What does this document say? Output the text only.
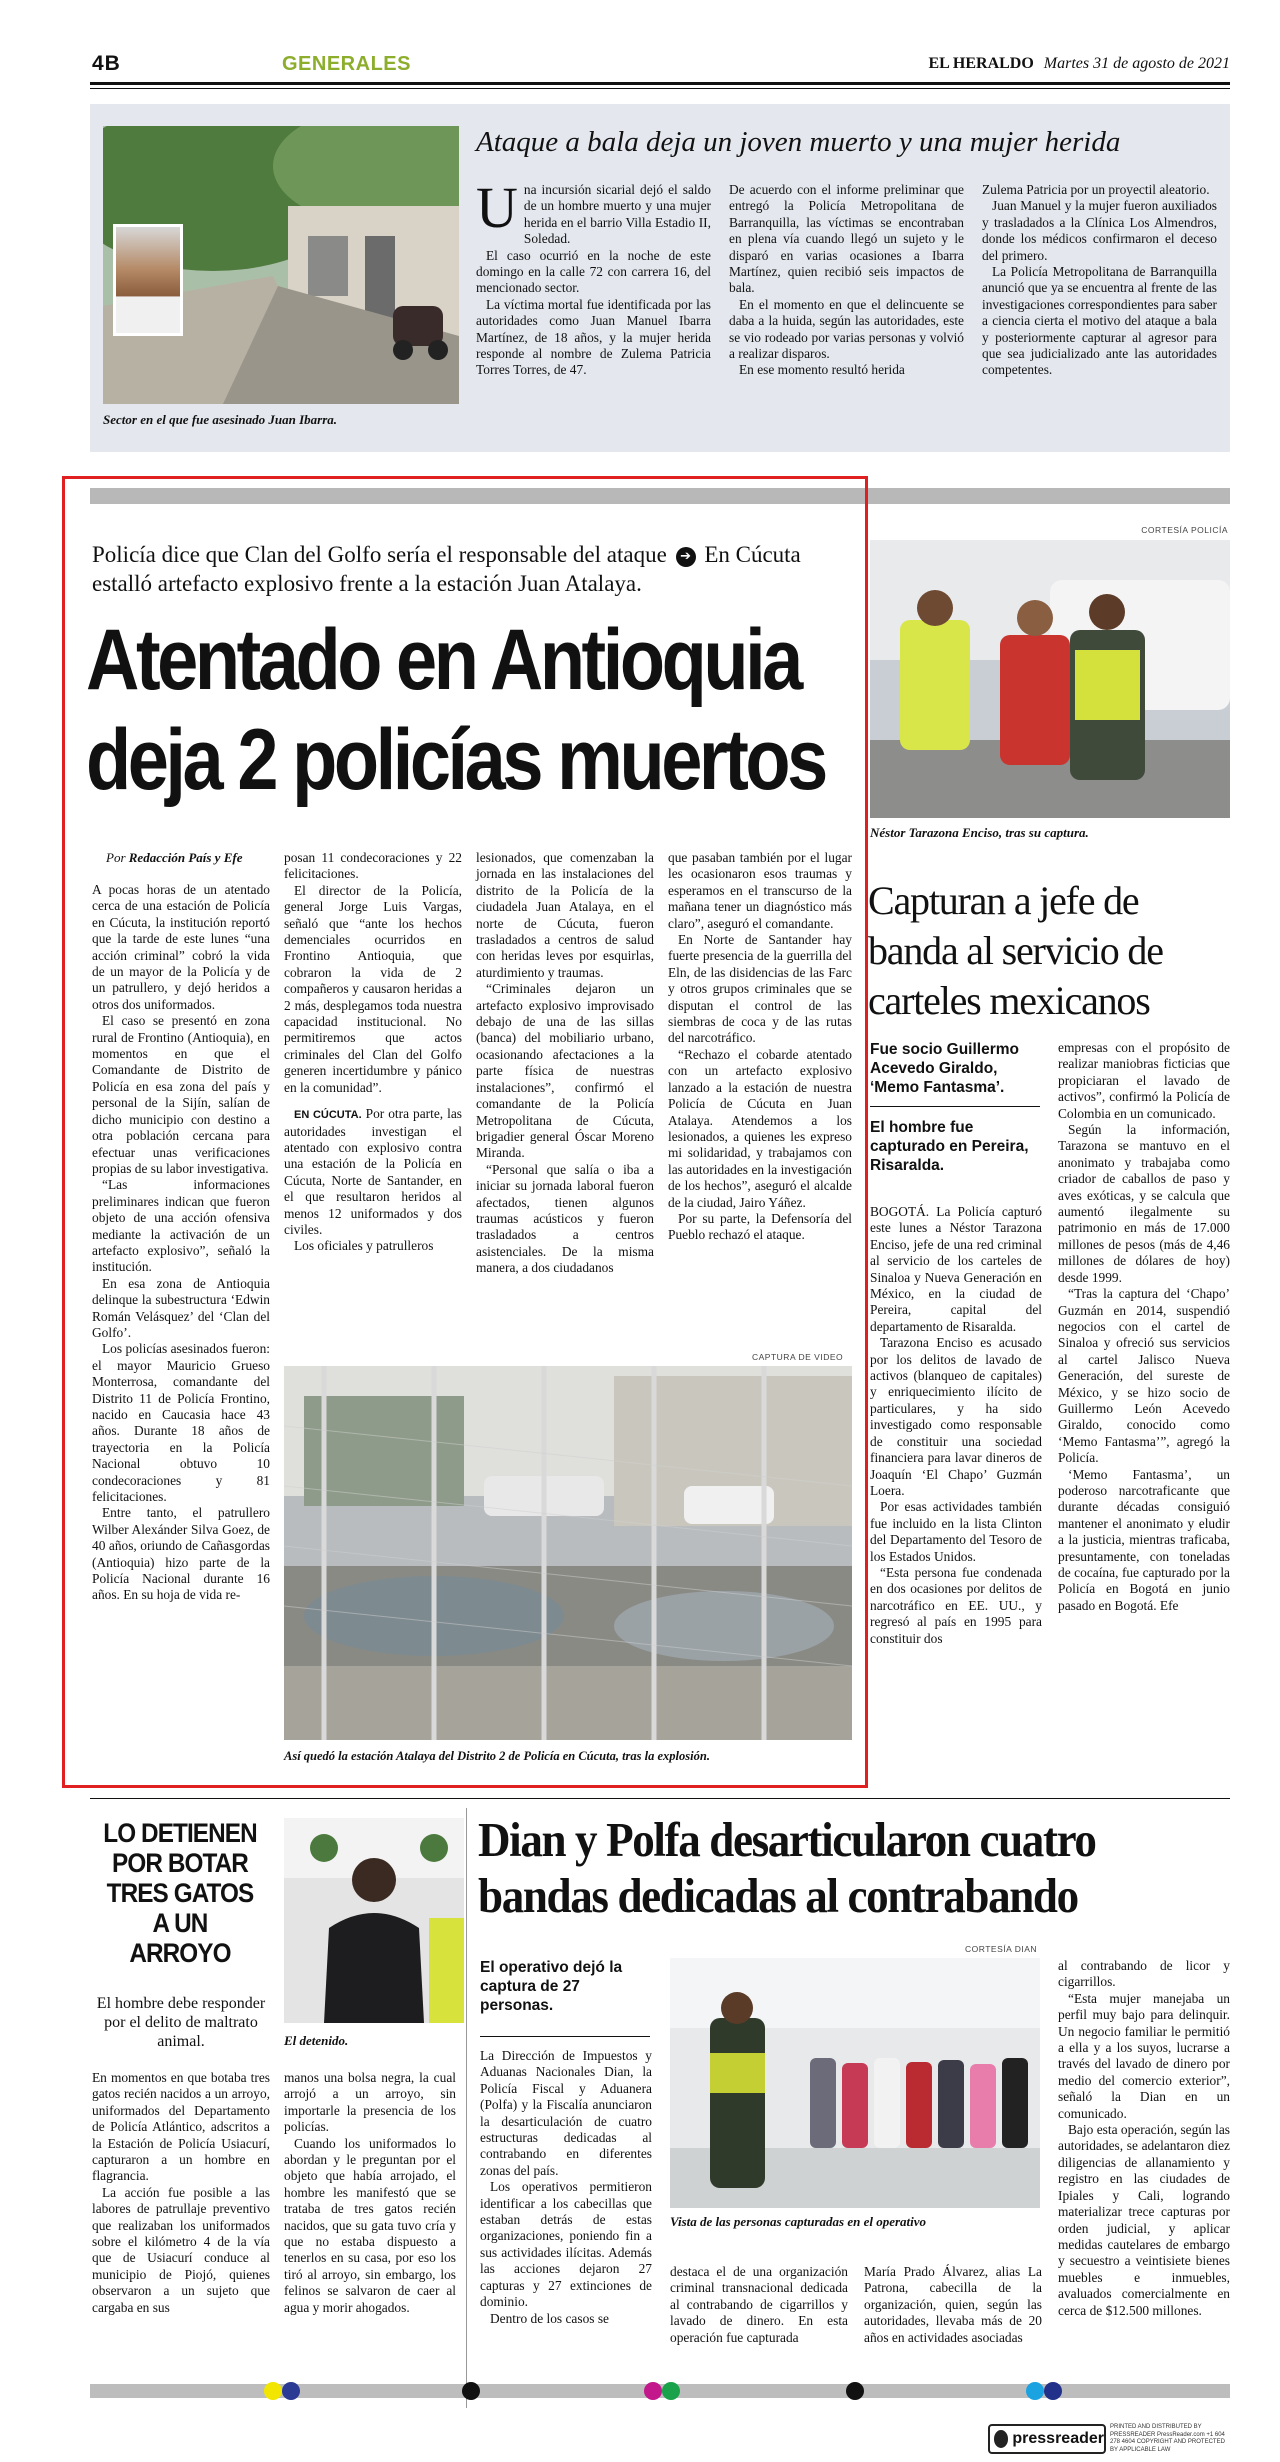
4B	GENERALES	EL HERALDO Martes 31 de agosto de 2021
Sector en el que fue asesinado Juan Ibarra.
Ataque a bala deja un joven muerto y una mujer herida
U na incursión sicarial dejó el saldo de un hombre muerto y una mujer herida en el barrio Villa Estadio II, Soledad.

El caso ocurrió en la noche de este domingo en la calle 72 con carrera 16, del mencionado sector.

La víctima mortal fue identificada por las autoridades como Juan Manuel Ibarra Martínez, de 18 años, y la mujer herida responde al nombre de Zulema Patricia Torres Torres, de 47.

De acuerdo con el informe preliminar que entregó la Policía Metropolitana de Barranquilla, las víctimas se encontraban en plena vía cuando llegó un sujeto y le disparó en varias ocasiones a Ibarra Martínez, quien recibió seis impactos de bala.

En el momento en que el delincuente se daba a la huida, según las autoridades, este se vio rodeado por varias personas y volvió a realizar disparos.

En ese momento resultó herida

Zulema Patricia por un proyectil aleatorio.

Juan Manuel y la mujer fueron auxiliados y trasladados a la Clínica Los Almendros, donde los médicos confirmaron el deceso del primero.

La Policía Metropolitana de Barranquilla anunció que ya se encuentra al frente de las investigaciones correspondientes para saber a ciencia cierta el motivo del ataque a bala y posteriormente capturar al agresor para que sea judicializado ante las autoridades competentes.

Policía dice que Clan del Golfo sería el responsable del ataque ➔ En Cúcuta estalló artefacto explosivo frente a la estación Juan Atalaya.
Atentado en Antioquia
deja 2 policías muertos
Por Redacción País y Efe

A pocas horas de un atentado cerca de una estación de Policía en Cúcuta, la institución reportó que la tarde de este lunes “una acción criminal” cobró la vida de un mayor de la Policía y de un patrullero, y dejó heridos a otros dos uniformados.

El caso se presentó en zona rural de Frontino (Antioquia), en momentos en que el Comandante de Distrito de Policía en esa zona del país y personal de la Sijín, salían de dicho municipio con destino a otra población cercana para efectuar unas verificaciones propias de su labor investigativa.

“Las informaciones preliminares indican que fueron objeto de una acción ofensiva mediante la activación de un artefacto explosivo”, señaló la institución.

En esa zona de Antioquia delinque la subestructura ‘Edwin Román Velásquez’ del ‘Clan del Golfo’.

Los policías asesinados fueron: el mayor Mauricio Grueso Monterrosa, comandante del Distrito 11 de Policía Frontino, nacido en Caucasia hace 43 años. Durante 18 años de trayectoria en la Policía Nacional obtuvo 10 condecoraciones y 81 felicitaciones.

Entre tanto, el patrullero Wilber Alexánder Silva Goez, de 40 años, oriundo de Cañasgordas (Antioquia) hizo parte de la Policía Nacional durante 16 años. En su hoja de vida re-

posan 11 condecoraciones y 22 felicitaciones.

El director de la Policía, general Jorge Luis Vargas, señaló que “ante los hechos demenciales ocurridos en Frontino Antioquia, que cobraron la vida de 2 compañeros y causaron heridas a 2 más, desplegamos toda nuestra capacidad institucional. No permitiremos que actos criminales del Clan del Golfo generen incertidumbre y pánico en la comunidad”.

EN CÚCUTA. Por otra parte, las autoridades investigan el atentado con explosivo contra una estación de la Policía en Cúcuta, Norte de Santander, en el que resultaron heridos al menos 12 uniformados y dos civiles.

Los oficiales y patrulleros

lesionados, que comenzaban la jornada en las instalaciones del distrito de la Policía de la ciudadela Juan Atalaya, en el norte de Cúcuta, fueron trasladados a centros de salud con heridas leves por esquirlas, aturdimiento y traumas.

“Criminales dejaron un artefacto explosivo improvisado debajo de una de las sillas (banca) del mobiliario urbano, ocasionando afectaciones a la parte física de nuestras instalaciones”, confirmó el comandante de la Policía Metropolitana de Cúcuta, brigadier general Óscar Moreno Miranda.

“Personal que salía o iba a iniciar su jornada laboral fueron afectados, tienen algunos traumas acústicos y fueron trasladados a centros asistenciales. De la misma manera, a dos ciudadanos

que pasaban también por el lugar les ocasionaron esos traumas y esperamos en el transcurso de la mañana tener un diagnóstico más claro”, aseguró el comandante.

En Norte de Santander hay fuerte presencia de la guerrilla del Eln, de las disidencias de las Farc y otros grupos criminales que se disputan el control de las siembras de coca y de las rutas del narcotráfico.

“Rechazo el cobarde atentado con un artefacto explosivo lanzado a la estación de nuestra Policía de Cúcuta en Juan Atalaya. Atendemos a los lesionados, a quienes les expreso mi solidaridad, y trabajamos con las autoridades en la investigación de los hechos”, aseguró el alcalde de la ciudad, Jairo Yáñez.

Por su parte, la Defensoría del Pueblo rechazó el ataque.

CAPTURA DE VIDEO
Así quedó la estación Atalaya del Distrito 2 de Policía en Cúcuta, tras la explosión.
CORTESÍA POLICÍA
Néstor Tarazona Enciso, tras su captura.
Capturan a jefe de banda al servicio de carteles mexicanos
Fue socio Guillermo Acevedo Giraldo, ‘Memo Fantasma’.
El hombre fue capturado en Pereira, Risaralda.

BOGOTÁ. La Policía capturó este lunes a Néstor Tarazona Enciso, jefe de una red criminal al servicio de los carteles de Sinaloa y Nueva Generación en México, en la ciudad de Pereira, capital del departamento de Risaralda.

Tarazona Enciso es acusado por los delitos de lavado de activos (blanqueo de capitales) y enriquecimiento ilícito de particulares, y ha sido investigado como responsable de constituir una sociedad financiera para lavar dineros de Joaquín ‘El Chapo’ Guzmán Loera.

Por esas actividades también fue incluido en la lista Clinton del Departamento del Tesoro de los Estados Unidos.

“Esta persona fue condenada en dos ocasiones por delitos de narcotráfico en EE. UU., y regresó al país en 1995 para constituir dos

empresas con el propósito de realizar maniobras ficticias que propiciaran el lavado de activos”, confirmó la Policía de Colombia en un comunicado.

Según la información, Tarazona se mantuvo en el anonimato y trabajaba como criador de caballos de paso y aves exóticas, y se calcula que aumentó ilegalmente su patrimonio en más de 17.000 millones de pesos (más de 4,46 millones de dólares de hoy) desde 1999.

“Tras la captura del ‘Chapo’ Guzmán en 2014, suspendió negocios con el cartel de Sinaloa y ofreció sus servicios al cartel Jalisco Nueva Generación, del sureste de México, y se hizo socio de Guillermo León Acevedo Giraldo, conocido como ‘Memo Fantasma’”, agregó la Policía.

‘Memo Fantasma’, un poderoso narcotraficante que durante décadas consiguió mantener el anonimato y eludir a la justicia, mientras traficaba, presuntamente, con toneladas de cocaína, fue capturado por la Policía en Bogotá en junio pasado en Bogotá. Efe

LO DETIENEN POR BOTAR TRES GATOS A UN ARROYO
El hombre debe responder por el delito de maltrato animal.	El detenido.

En momentos en que botaba tres gatos recién nacidos a un arroyo, uniformados del Departamento de Policía Atlántico, adscritos a la Estación de Policía Usiacurí, capturaron a un hombre en flagrancia.

La acción fue posible a las labores de patrullaje preventivo que realizaban los uniformados sobre el kilómetro 4 de la vía que de Usiacurí conduce al municipio de Piojó, quienes observaron a un sujeto que cargaba en sus

manos una bolsa negra, la cual arrojó a un arroyo, sin importarle la presencia de los policías.

Cuando los uniformados lo abordan y le preguntan por el objeto que había arrojado, el hombre les manifestó que se trataba de tres gatos recién nacidos, que su gata tuvo cría y que no estaba dispuesto a tenerlos en su casa, por eso los tiró al arroyo, sin embargo, los felinos se salvaron de caer al agua y morir ahogados.

Dian y Polfa desarticularon cuatro bandas dedicadas al contrabando
El operativo dejó la captura de 27 personas.

La Dirección de Impuestos y Aduanas Nacionales Dian, la Policía Fiscal y Aduanera (Polfa) y la Fiscalía anunciaron la desarticulación de cuatro estructuras dedicadas al contrabando en diferentes zonas del país.

Los operativos permitieron identificar a los cabecillas que estaban detrás de estas organizaciones, poniendo fin a sus actividades ilícitas. Además las acciones dejaron 27 capturas y 27 extinciones de dominio.

Dentro de los casos se

CORTESÍA DIAN
Vista de las personas capturadas en el operativo

destaca el de una organización criminal transnacional dedicada al contrabando de cigarrillos y lavado de dinero. En esta operación fue capturada

María Prado Álvarez, alias La Patrona, cabecilla de la organización, quien, según las autoridades, llevaba más de 20 años en actividades asociadas

al contrabando de licor y cigarrillos.

“Esta mujer manejaba un perfil muy bajo para delinquir. Un negocio familiar le permitió a ella y a los suyos, lucrarse a través del lavado de dinero por medio del comercio exterior”, señaló la Dian en un comunicado.

Bajo esta operación, según las autoridades, se adelantaron diez diligencias de allanamiento y registro en las ciudades de Ipiales y Cali, logrando materializar trece capturas por orden judicial, y aplicar medidas cautelares de embargo y secuestro a veintisiete bienes muebles e inmuebles, avaluados comercialmente en cerca de $12.500 millones.

pressreader
PRINTED AND DISTRIBUTED BY PRESSREADER PressReader.com +1 604 278 4604 COPYRIGHT AND PROTECTED BY APPLICABLE LAW
